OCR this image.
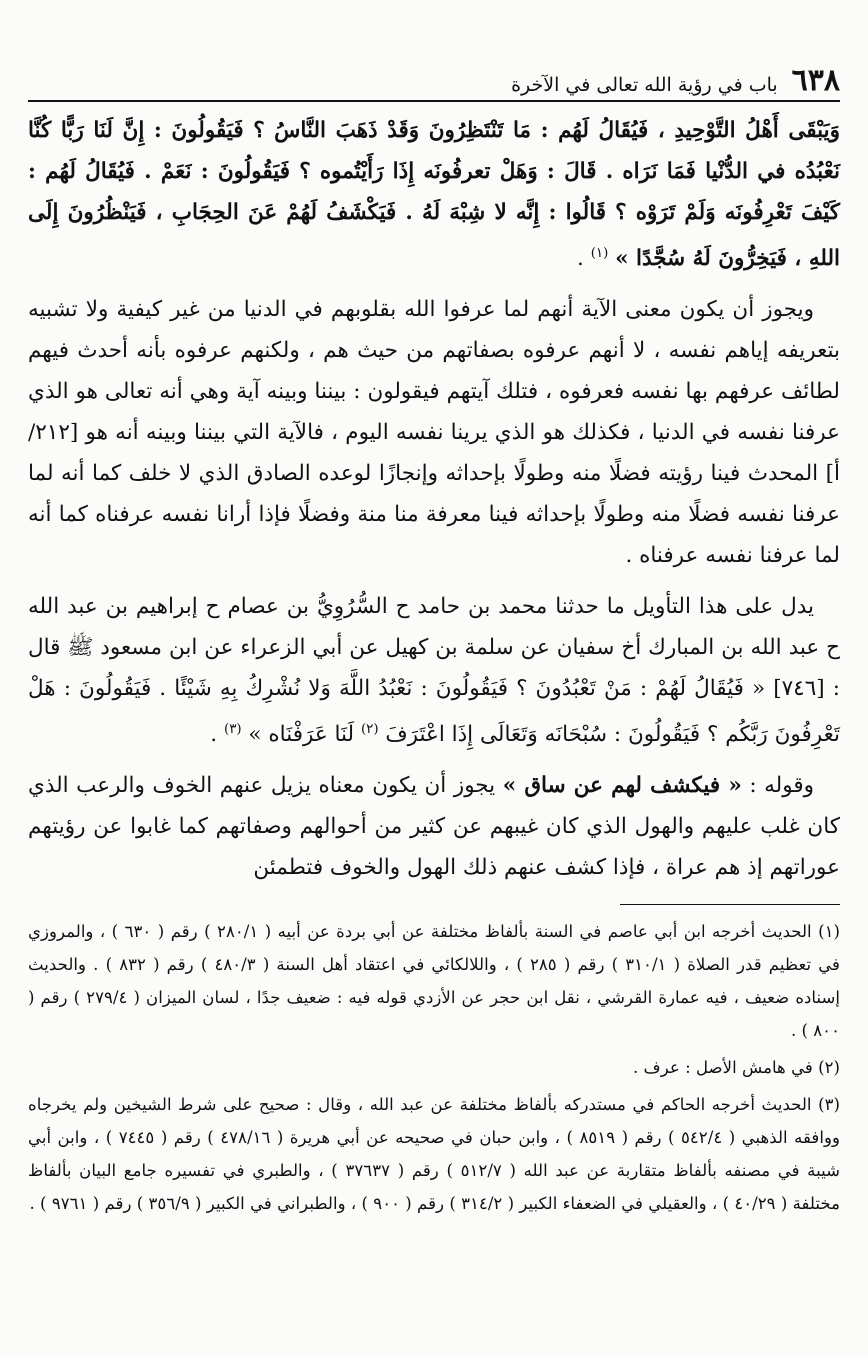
٦٣٨
باب في رؤية الله تعالى في الآخرة

وَيَبْقَى أَهْلُ التَّوْحِيدِ ، فَيُقَالُ لَهُم : مَا تَنْتَظِرُونَ وَقَدْ ذَهَبَ النَّاسُ ؟ فَيَقُولُونَ : إِنَّ لَنَا رَبًّا كُنَّا نَعْبُدُه في الدُّنْيا فَمَا نَرَاه . قَالَ : وَهَلْ تعرفُونَه إِذَا رَأَيْتُموه ؟ فَيَقُولُونَ : نَعَمْ . فَيُقَالُ لَهُم : كَيْفَ تَعْرِفُونَه وَلَمْ تَرَوْه ؟ قَالُوا : إِنَّه لا شِبْهَ لَهُ . فَيَكْشَفُ لَهُمْ عَنَ الحِجَابِ ، فَيَنْظُرُونَ إِلَى اللهِ ، فَيَخِرُّونَ لَهُ سُجَّدًا » $^{(١)}$ .

ويجوز أن يكون معنى الآية أنهم لما عرفوا الله بقلوبهم في الدنيا من غير كيفية ولا تشبيه بتعريفه إياهم نفسه ، لا أنهم عرفوه بصفاتهم من حيث هم ، ولكنهم عرفوه بأنه أحدث فيهم لطائف عرفهم بها نفسه فعرفوه ، فتلك آيتهم فيقولون : بيننا وبينه آية وهي أنه تعالى هو الذي عرفنا نفسه في الدنيا ، فكذلك هو الذي يرينا نفسه اليوم ، فالآية التي بيننا وبينه أنه هو [٢١٢/أ] المحدث فينا رؤيته فضلًا منه وطولًا بإحداثه وإنجازًا لوعده الصادق الذي لا خلف كما أنه لما عرفنا نفسه فضلًا منه وطولًا بإحداثه فينا معرفة منا منة وفضلًا فإذا أرانا نفسه عرفناه كما أنه لما عرفنا نفسه عرفناه .

يدل على هذا التأويل ما حدثنا محمد بن حامد ح السُّرُوِيُّ بن عصام ح إبراهيم بن عبد الله ح عبد الله بن المبارك أخ سفيان عن سلمة بن كهيل عن أبي الزعراء عن ابن مسعود ﷺ قال : [٧٤٦] « فَيُقَالُ لَهُمْ : مَنْ تَعْبُدُونَ ؟ فَيَقُولُونَ : نَعْبُدُ اللَّهَ وَلا نُشْرِكُ بِهِ شَيْئًا . فَيَقُولُونَ : هَلْ تَعْرِفُونَ رَبَّكُم ؟ فَيَقُولُونَ : سُبْحَانَه وَتَعَالَى إِذَا اعْتَرَفَ $^{(٢)}$ لَنَا عَرَفْنَاه » $^{(٣)}$ .

وقوله : « فيكشف لهم عن ساق » يجوز أن يكون معناه يزيل عنهم الخوف والرعب الذي كان غلب عليهم والهول الذي كان غيبهم عن كثير من أحوالهم وصفاتهم كما غابوا عن رؤيتهم عوراتهم إذ هم عراة ، فإذا كشف عنهم ذلك الهول والخوف فتطمئن

(١) الحديث أخرجه ابن أبي عاصم في السنة بألفاظ مختلفة عن أبي بردة عن أبيه ( ٢٨٠/١ ) رقم ( ٦٣٠ ) ، والمروزي في تعظيم قدر الصلاة ( ٣١٠/١ ) رقم ( ٢٨٥ ) ، واللالكائي في اعتقاد أهل السنة ( ٤٨٠/٣ ) رقم ( ٨٣٢ ) . والحديث إسناده ضعيف ، فيه عمارة القرشي ، نقل ابن حجر عن الأزدي قوله فيه : ضعيف جدًا ، لسان الميزان ( ٢٧٩/٤ ) رقم ( ٨٠٠ ) .

(٢) في هامش الأصل : عرف .

(٣) الحديث أخرجه الحاكم في مستدركه بألفاظ مختلفة عن عبد الله ، وقال : صحيح على شرط الشيخين ولم يخرجاه ووافقه الذهبي ( ٥٤٢/٤ ) رقم ( ٨٥١٩ ) ، وابن حبان في صحيحه عن أبي هريرة ( ٤٧٨/١٦ ) رقم ( ٧٤٤٥ ) ، وابن أبي شيبة في مصنفه بألفاظ متقاربة عن عبد الله ( ٥١٢/٧ ) رقم ( ٣٧٦٣٧ ) ، والطبري في تفسيره جامع البيان بألفاظ مختلفة ( ٤٠/٢٩ ) ، والعقيلي في الضعفاء الكبير ( ٣١٤/٢ ) رقم ( ٩٠٠ ) ، والطبراني في الكبير ( ٣٥٦/٩ ) رقم ( ٩٧٦١ ) .
